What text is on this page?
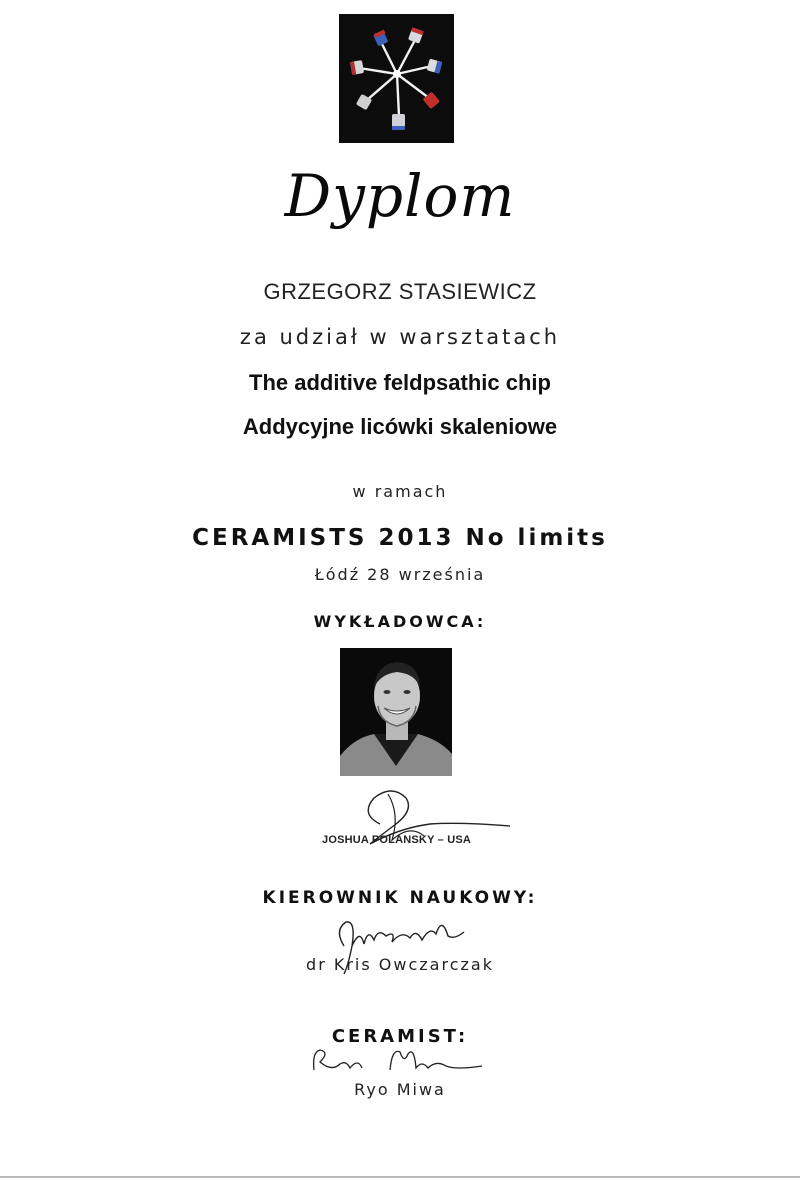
Dyplom
GRZEGORZ STASIEWICZ
za udział w warsztatach
The additive feldpsathic chip
Addycyjne licówki skaleniowe
w ramach
CERAMISTS 2013 No limits
Łódź 28 września
WYKŁADOWCA:
JOSHUA POLANSKY – USA
KIEROWNIK NAUKOWY:
dr Kris Owczarczak
CERAMIST:
Ryo Miwa
